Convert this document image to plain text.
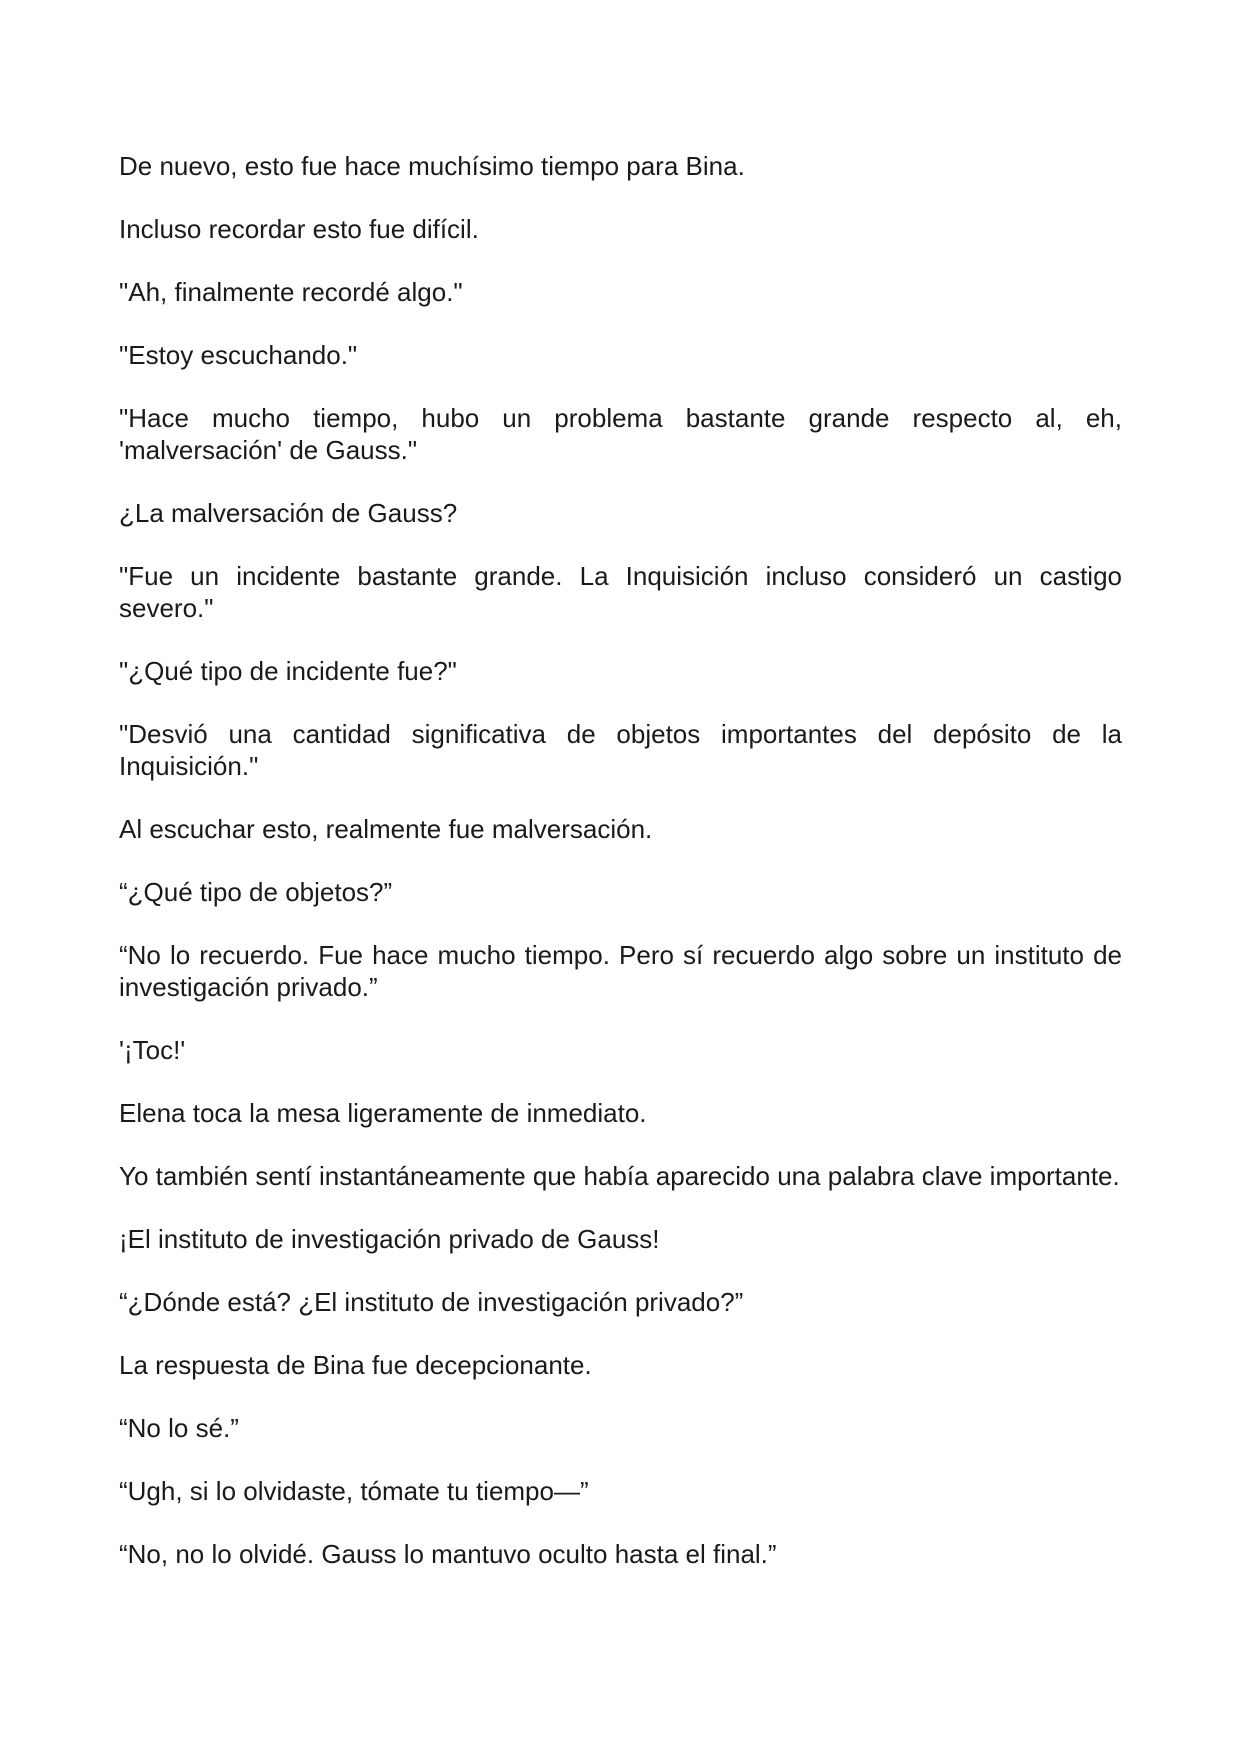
De nuevo, esto fue hace muchísimo tiempo para Bina.

Incluso recordar esto fue difícil.

"Ah, finalmente recordé algo."

"Estoy escuchando."

"Hace mucho tiempo, hubo un problema bastante grande respecto al, eh, 'malversación' de Gauss."

¿La malversación de Gauss?

"Fue un incidente bastante grande. La Inquisición incluso consideró un castigo severo."

"¿Qué tipo de incidente fue?"

"Desvió una cantidad significativa de objetos importantes del depósito de la Inquisición."

Al escuchar esto, realmente fue malversación.

“¿Qué tipo de objetos?”

“No lo recuerdo. Fue hace mucho tiempo. Pero sí recuerdo algo sobre un instituto de investigación privado.”

'¡Toc!'

Elena toca la mesa ligeramente de inmediato.

Yo también sentí instantáneamente que había aparecido una palabra clave importante.

¡El instituto de investigación privado de Gauss!

“¿Dónde está? ¿El instituto de investigación privado?”

La respuesta de Bina fue decepcionante.

“No lo sé.”

“Ugh, si lo olvidaste, tómate tu tiempo—”

“No, no lo olvidé. Gauss lo mantuvo oculto hasta el final.”
